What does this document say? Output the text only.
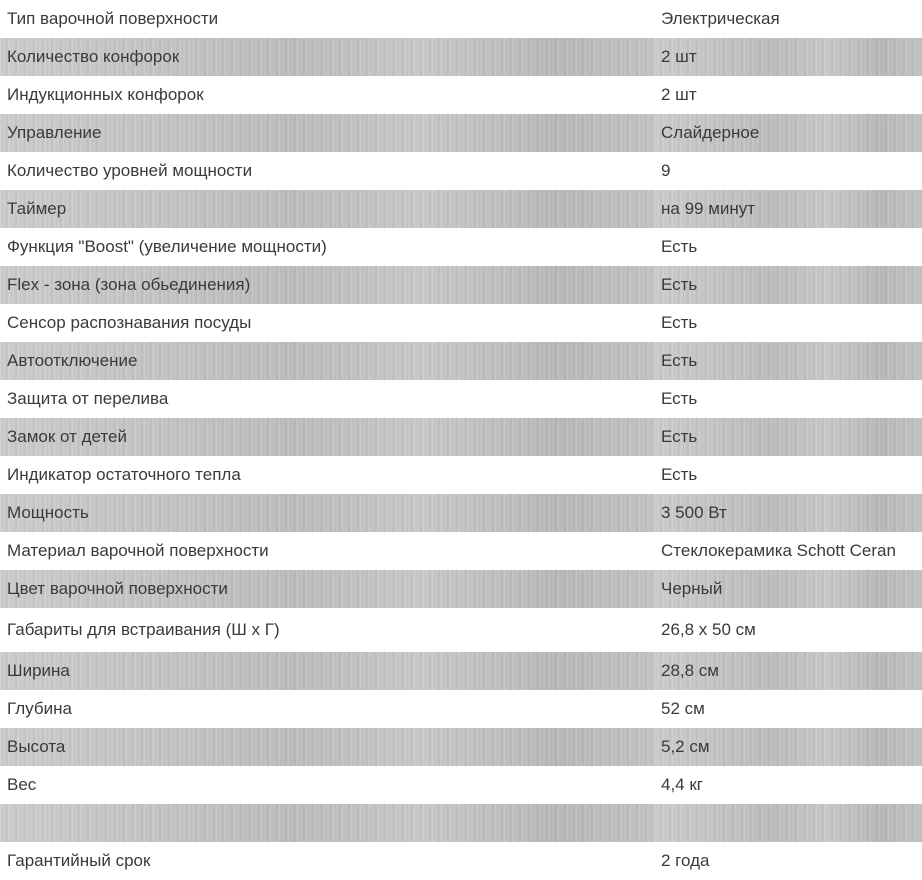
Тип варочной поверхности	Электрическая
Количество конфорок	2 шт
Индукционных конфорок	2 шт
Управление	Слайдерное
Количество уровней мощности	9
Таймер	на 99 минут
Функция "Boost" (увеличение мощности)	Есть
Flex - зона (зона обьединения)	Есть
Сенсор распознавания посуды	Есть
Автоотключение	Есть
Защита от перелива	Есть
Замок от детей	Есть
Индикатор остаточного тепла	Есть
Мощность	3 500 Вт
Материал варочной поверхности	Стеклокерамика Schott Ceran
Цвет варочной поверхности	Черный
Габариты для встраивания (Ш х Г)	26,8 х 50 см
Ширина	28,8 см
Глубина	52 см
Высота	5,2 см
Вес	4,4 кг

Гарантийный срок	2 года
